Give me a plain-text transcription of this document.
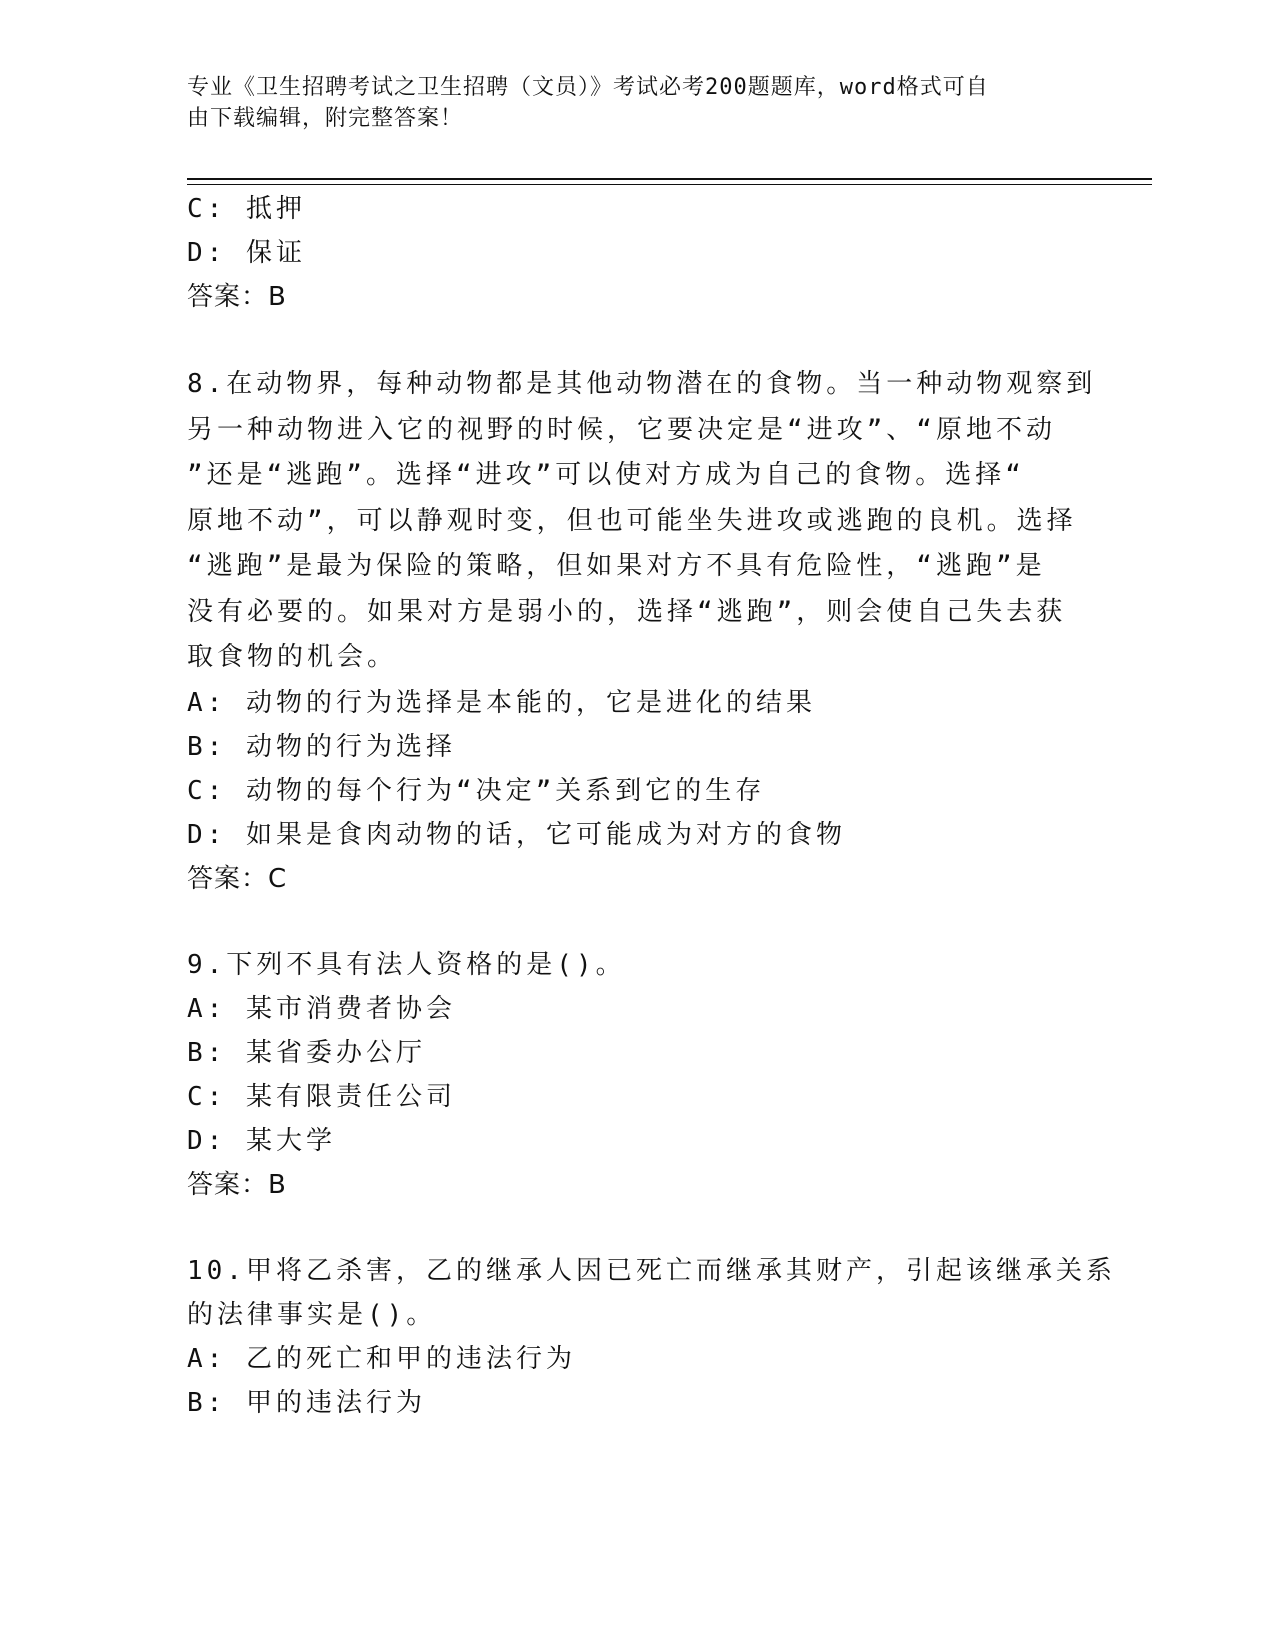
专业《卫生招聘考试之卫生招聘（文员）》考试必考200题题库，word格式可自
由下载编辑，附完整答案！
C: 抵押
D: 保证
答案：B
8.在动物界，每种动物都是其他动物潜在的食物。当一种动物观察到
另一种动物进入它的视野的时候，它要决定是“进攻”、“原地不动
”还是“逃跑”。选择“进攻”可以使对方成为自己的食物。选择“
原地不动”，可以静观时变，但也可能坐失进攻或逃跑的良机。选择
“逃跑”是最为保险的策略，但如果对方不具有危险性，“逃跑”是
没有必要的。如果对方是弱小的，选择“逃跑”，则会使自己失去获
取食物的机会。
A: 动物的行为选择是本能的，它是进化的结果
B: 动物的行为选择
C: 动物的每个行为“决定”关系到它的生存
D: 如果是食肉动物的话，它可能成为对方的食物
答案：C
9.下列不具有法人资格的是()。
A: 某市消费者协会
B: 某省委办公厅
C: 某有限责任公司
D: 某大学
答案：B
10.甲将乙杀害，乙的继承人因已死亡而继承其财产，引起该继承关系
的法律事实是()。
A: 乙的死亡和甲的违法行为
B: 甲的违法行为
